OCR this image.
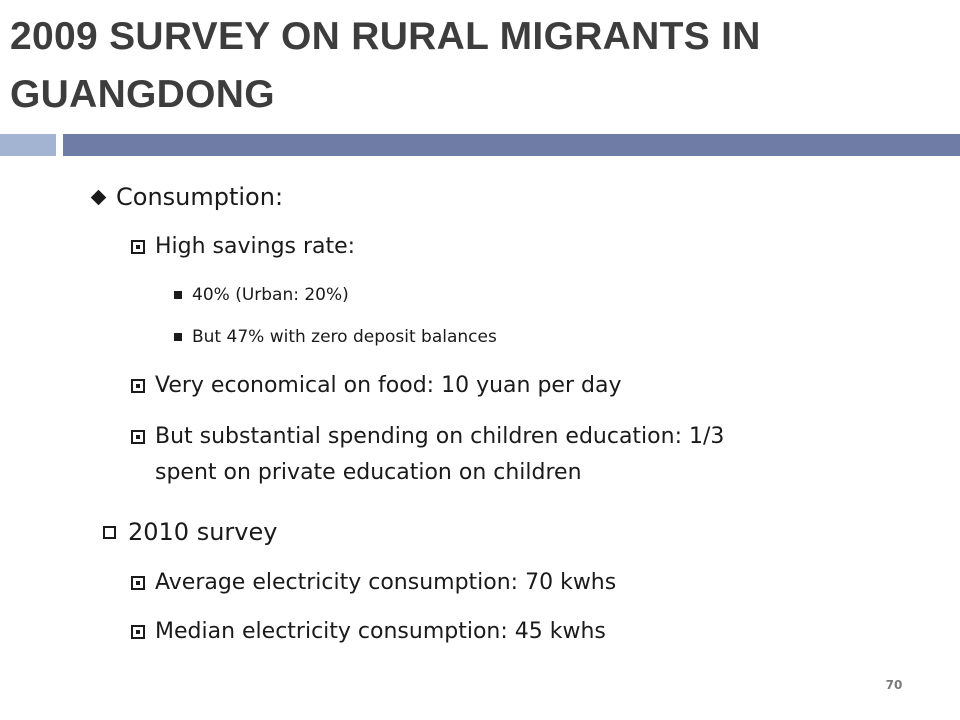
2009 SURVEY ON RURAL MIGRANTS IN
GUANGDONG
Consumption:
High savings rate:
40% (Urban: 20%)
But 47% with zero deposit balances
Very economical on food: 10 yuan per day
But substantial spending on children education: 1/3
spent on private education on children
2010 survey
Average electricity consumption: 70 kwhs
Median electricity consumption: 45 kwhs
70
